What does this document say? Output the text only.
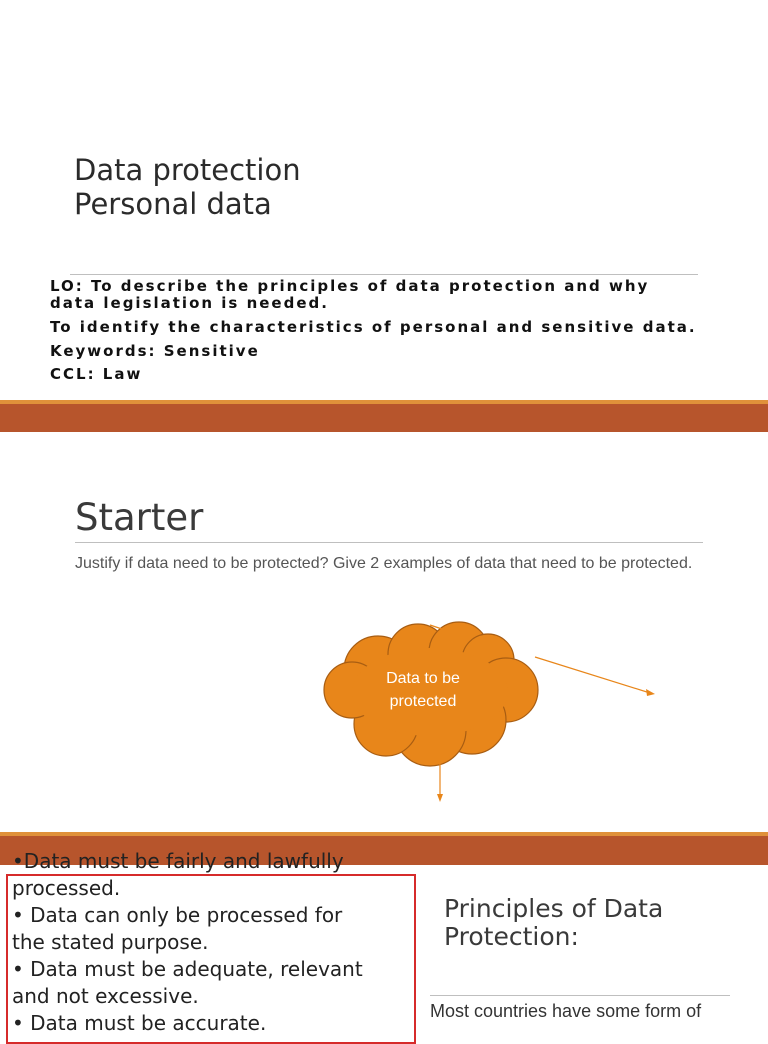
Data protection
Personal data
LO: To describe the principles of data protection and why
data legislation is needed.
To identify the characteristics of personal and sensitive data.
Keywords: Sensitive
CCL: Law
Starter
Justify if data need to be protected? Give 2 examples of data that need to be protected.
Data to be
protected
•Data must be fairly and lawfully
processed.
• Data can only be processed for
the stated purpose.
• Data must be adequate, relevant
and not excessive.
• Data must be accurate.
Principles of Data
Protection:
Most countries have some form of
